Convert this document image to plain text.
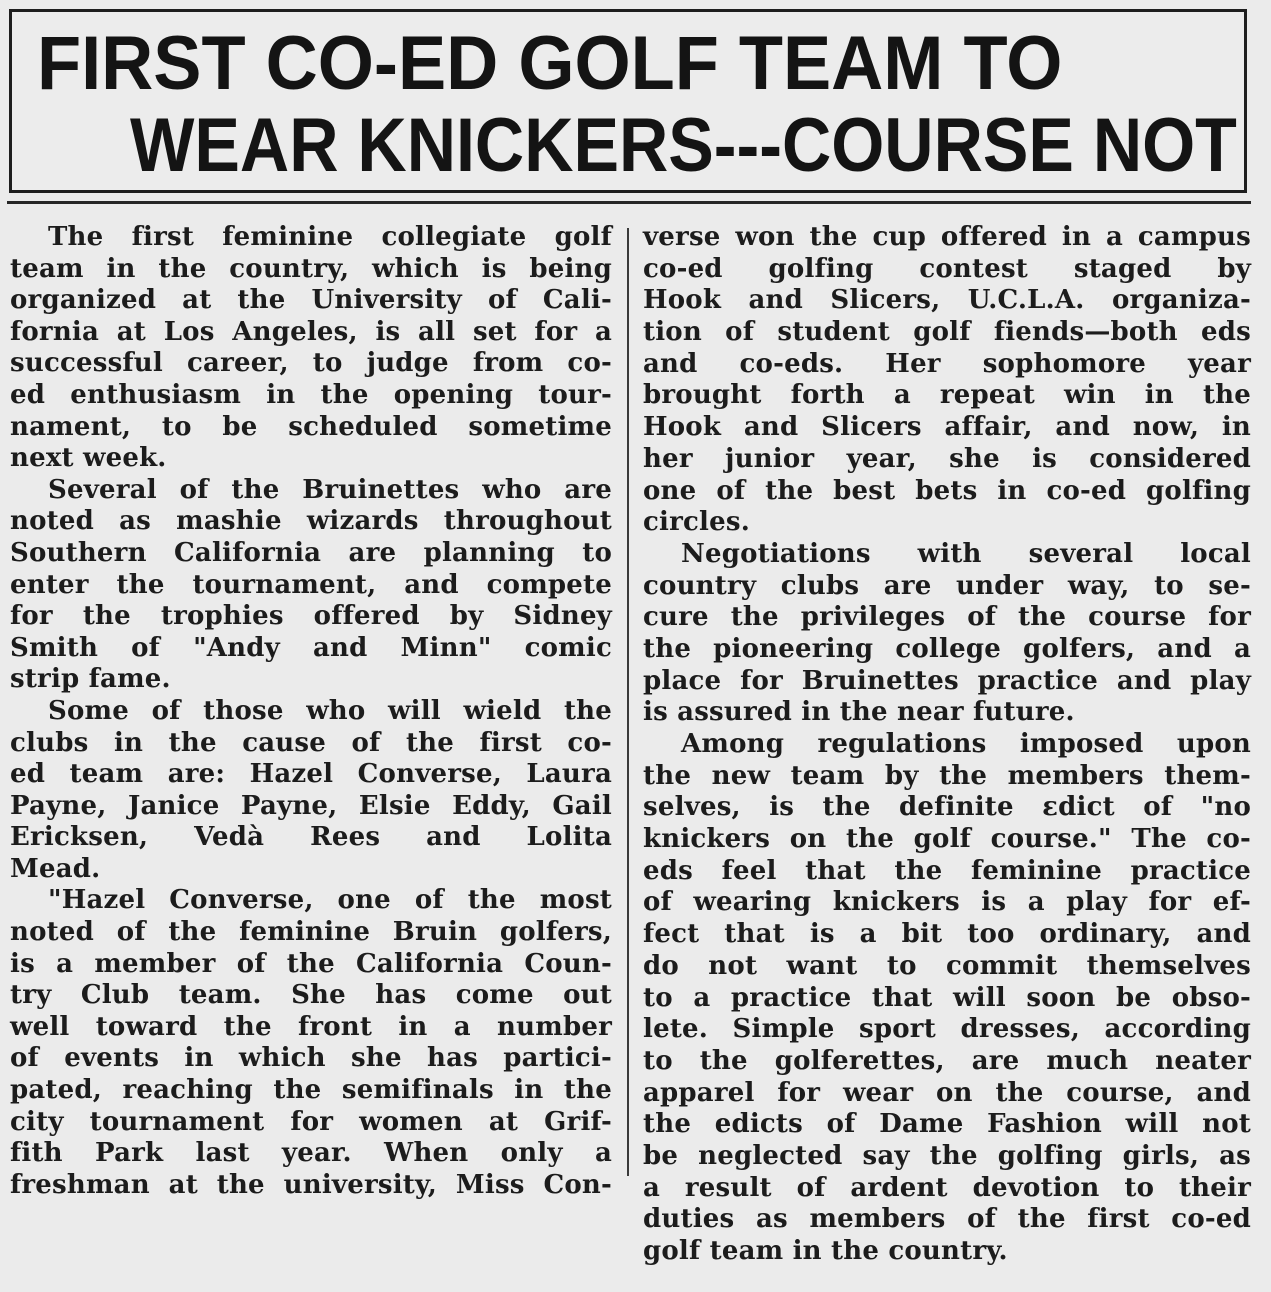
FIRST CO-ED GOLF TEAM TO
WEAR KNICKERS---COURSE NOT
The first feminine collegiate golf
team in the country, which is being
organized at the University of Cali-
fornia at Los Angeles, is all set for a
successful career, to judge from co-
ed enthusiasm in the opening tour-
nament, to be scheduled sometime
next week.
Several of the Bruinettes who are
noted as mashie wizards throughout
Southern California are planning to
enter the tournament, and compete
for the trophies offered by Sidney
Smith of "Andy and Minn" comic
strip fame.
Some of those who will wield the
clubs in the cause of the first co-
ed team are: Hazel Converse, Laura
Payne, Janice Payne, Elsie Eddy, Gail
Ericksen, Vedà Rees and Lolita
Mead.
"Hazel Converse, one of the most
noted of the feminine Bruin golfers,
is a member of the California Coun-
try Club team. She has come out
well toward the front in a number
of events in which she has partici-
pated, reaching the semifinals in the
city tournament for women at Grif-
fith Park last year. When only a
freshman at the university, Miss Con-
verse won the cup offered in a campus
co-ed golfing contest staged by
Hook and Slicers, U.C.L.A. organiza-
tion of student golf fiends—both eds
and co-eds. Her sophomore year
brought forth a repeat win in the
Hook and Slicers affair, and now, in
her junior year, she is considered
one of the best bets in co-ed golfing
circles.
Negotiations with several local
country clubs are under way, to se-
cure the privileges of the course for
the pioneering college golfers, and a
place for Bruinettes practice and play
is assured in the near future.
Among regulations imposed upon
the new team by the members them-
selves, is the definite εdict of "no
knickers on the golf course." The co-
eds feel that the feminine practice
of wearing knickers is a play for ef-
fect that is a bit too ordinary, and
do not want to commit themselves
to a practice that will soon be obso-
lete. Simple sport dresses, according
to the golferettes, are much neater
apparel for wear on the course, and
the edicts of Dame Fashion will not
be neglected say the golfing girls, as
a result of ardent devotion to their
duties as members of the first co-ed
golf team in the country.
